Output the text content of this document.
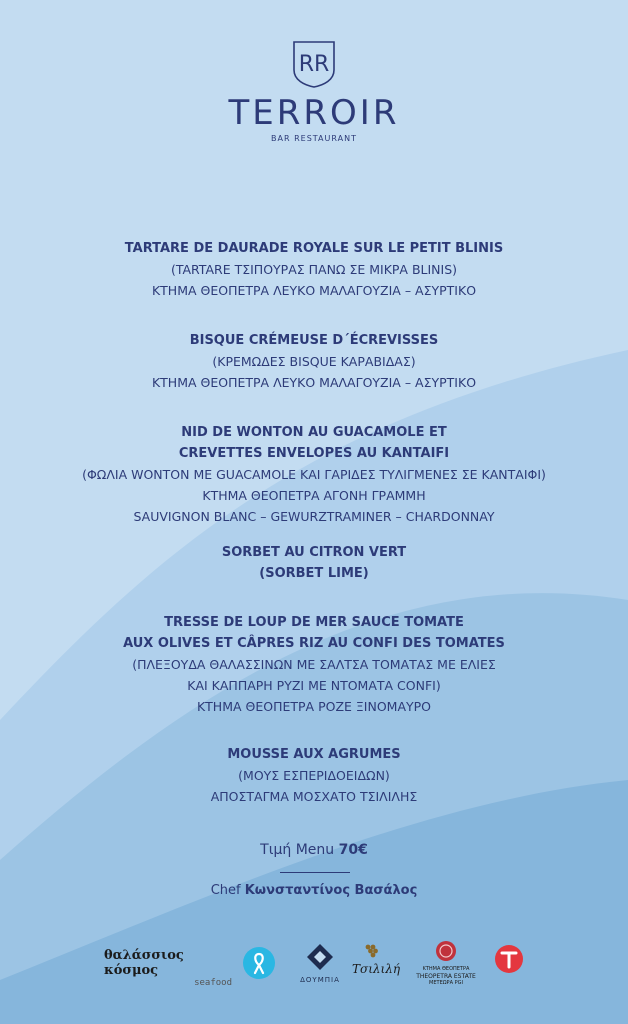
RR
TERROIR
BAR RESTAURANT
TARTARE DE DAURADE ROYALE SUR LE PETIT BLINIS
(TARTARE ΤΣΙΠΟΥΡΑΣ ΠΑΝΩ ΣΕ ΜΙΚΡΑ BLINIS)
ΚΤΗΜΑ ΘΕΟΠΕΤΡΑ ΛΕΥΚΟ ΜΑΛΑΓΟΥΖΙΑ – ΑΣΥΡΤΙΚΟ
BISQUE CRÉMEUSE D´ÉCREVISSES
(ΚΡΕΜΩΔΕΣ BISQUE ΚΑΡΑΒΙΔΑΣ)
ΚΤΗΜΑ ΘΕΟΠΕΤΡΑ ΛΕΥΚΟ ΜΑΛΑΓΟΥΖΙΑ – ΑΣΥΡΤΙΚΟ
NID DE WONTON AU GUACAMOLE ET
CREVETTES ENVELOPES AU KANTAIFI
(ΦΩΛΙΑ WONTON ΜΕ GUACAMOLE ΚΑΙ ΓΑΡΙΔΕΣ ΤΥΛΙΓΜΕΝΕΣ ΣΕ ΚΑΝΤΑΙΦΙ)
ΚΤΗΜΑ ΘΕΟΠΕΤΡΑ ΑΓΟΝΗ ΓΡΑΜΜΗ
SAUVIGNON BLANC – GEWURZTRAMINER – CHARDONNAY
SORBET AU CITRON VERT
(SORBET LIME)
TRESSE DE LOUP DE MER SAUCE TOMATE
AUX OLIVES ET CÂPRES RIZ AU CONFI DES TOMATES
(ΠΛΕΞΟΥΔΑ ΘΑΛΑΣΣΙΝΩΝ ΜΕ ΣΑΛΤΣΑ ΤΟΜΑΤΑΣ ΜΕ ΕΛΙΕΣ
ΚΑΙ ΚΑΠΠΑΡΗ ΡΥΖΙ ΜΕ ΝΤΟΜΑΤΑ CONFI)
ΚΤΗΜΑ ΘΕΟΠΕΤΡΑ ΡΟΖΕ ΞΙΝΟΜΑΥΡΟ
MOUSSE AUX AGRUMES
(ΜΟΥΣ ΕΣΠΕΡΙΔΟΕΙΔΩΝ)
ΑΠΟΣΤΑΓΜΑ ΜΟΣΧΑΤΟ ΤΣΙΛΙΛΗΣ
Τιμή Menu 70€
Chef Κωνσταντίνος Βασάλος
θαλάσσιος κόσμος
seafood	ΔΟΥΜΠΙΑ
Τσιλιλή	ΚΤΗΜΑ ΘΕΟΠΕΤΡΑ
THEOPETRA ESTATE
ΜΕΤΕΩΡΑ PGI
